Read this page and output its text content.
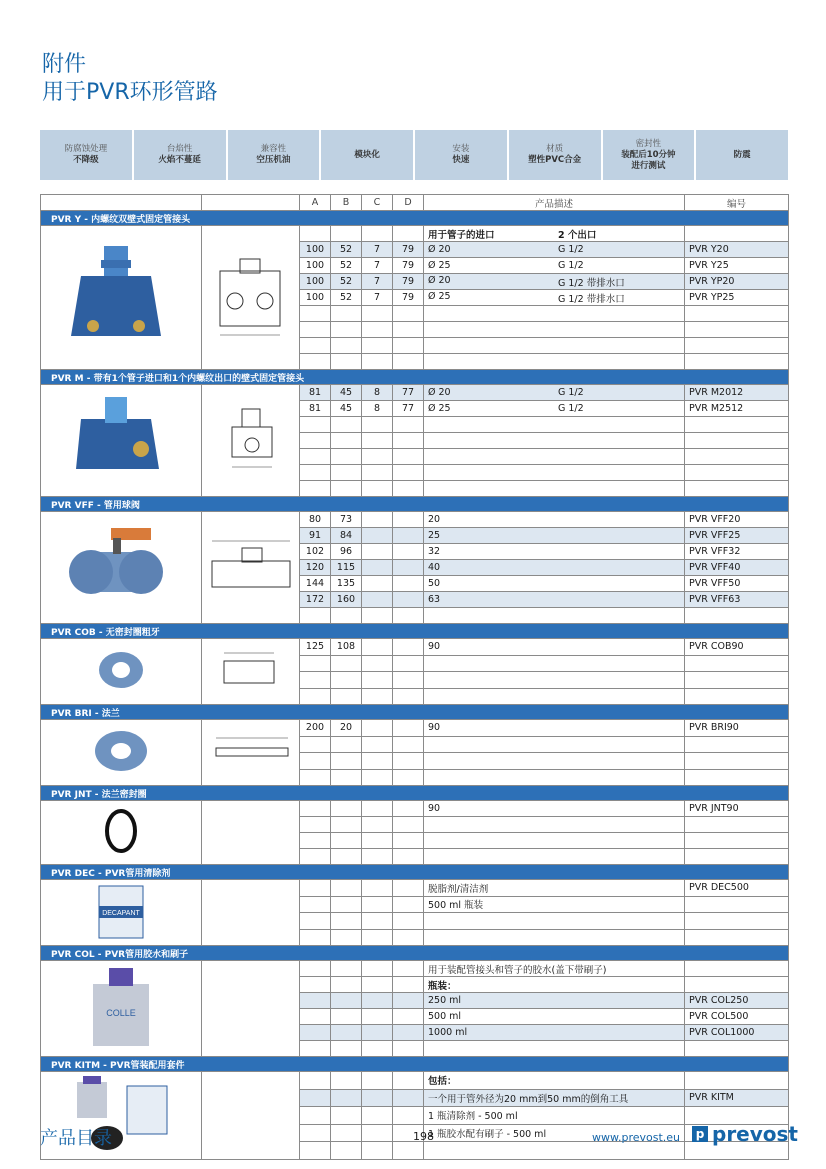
附件
用于PVR环形管路
防腐蚀处理
不降级
台焰性
火焰不蔓延
兼容性
空压机油
模块化
安装
快速
材质
塑性PVC合金
密封性
装配后10分钟
进行测试
防震
		A	B	C	D	产品描述	编号
PVR Y - 内螺纹双壁式固定管接头							

用于管子的进口 2 个出口	

		100	52	7	79	Ø 20 G 1/2	PVR Y20
		100	52	7	79	Ø 25 G 1/2	PVR Y25
		100	52	7	79	Ø 20 G 1/2 带排水口	PVR YP20
		100	52	7	79	Ø 25 G 1/2 带排水口	PVR YP25

PVR M - 带有1个管子进口和1个内螺纹出口的壁式固定管接头							
		81	45	8	77	Ø 20 G 1/2	PVR M2012
		81	45	8	77	Ø 25 G 1/2	PVR M2512

PVR VFF - 管用球阀							
		80	73			20	PVR VFF20
		91	84			25	PVR VFF25
		102	96			32	PVR VFF32
		120	115			40	PVR VFF40
		144	135			50	PVR VFF50
		172	160			63	PVR VFF63

PVR COB - 无密封圈粗牙							
		125	108			90	PVR COB90

PVR BRI - 法兰							
		200	20			90	PVR BRI90

PVR JNT - 法兰密封圈							
						90	PVR JNT90

PVR DEC - PVR管用清除剂							

DECAPANT						脱脂剂/清洁剂	PVR DEC500
						500 ml 瓶装	

PVR COL - PVR管用胶水和刷子							

COLLE						用于装配管接头和管子的胶水(盖下带刷子)	
						瓶装：	
						250 ml	PVR COL250
						500 ml	PVR COL500
						1000 ml	PVR COL1000

PVR KITM - PVR管装配用套件							
						包括：	
						一个用于管外径为20 mm到50 mm的倒角工具	PVR KITM
						1 瓶清除剂 - 500 ml	
						1 瓶胶水配有刷子 - 500 ml	

产品目录	198	www.prevost.eu	p prevost
